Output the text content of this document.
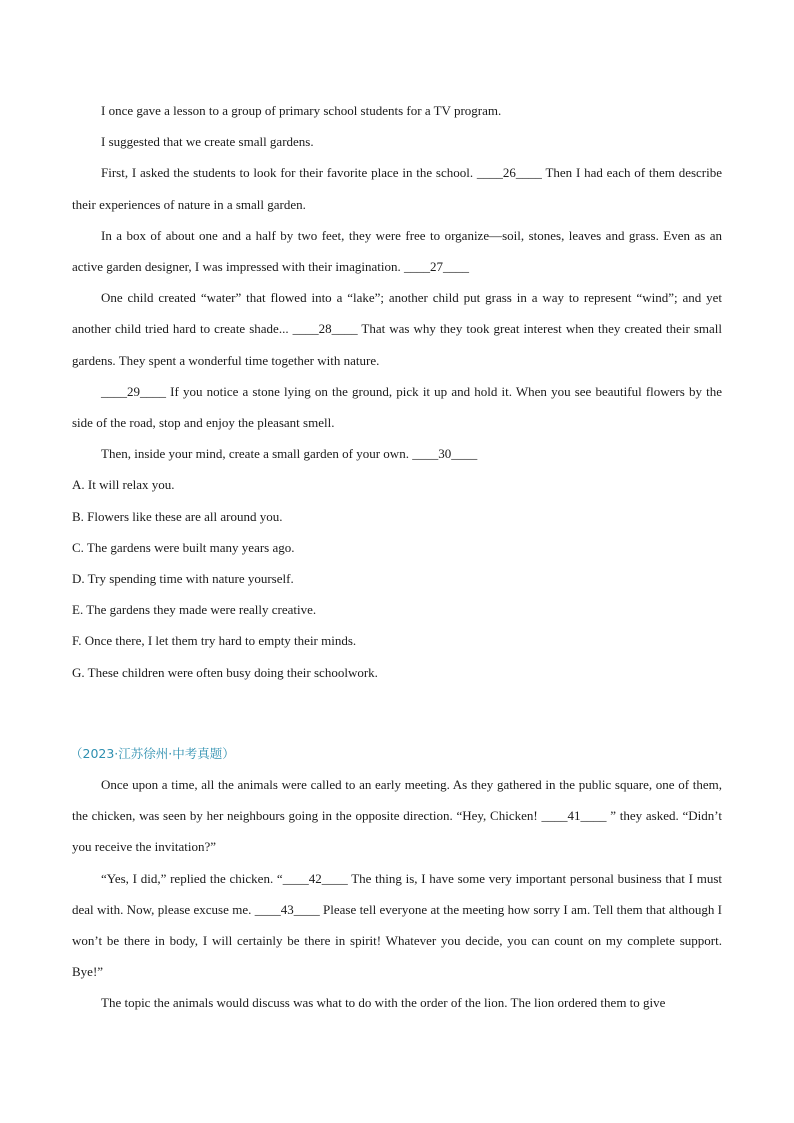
I once gave a lesson to a group of primary school students for a TV program.

I suggested that we create small gardens.

First, I asked the students to look for their favorite place in the school. ____26____ Then I had each of them describe their experiences of nature in a small garden.

In a box of about one and a half by two feet, they were free to organize—soil, stones, leaves and grass. Even as an active garden designer, I was impressed with their imagination. ____27____

One child created “water” that flowed into a “lake”; another child put grass in a way to represent “wind”; and yet another child tried hard to create shade... ____28____ That was why they took great interest when they created their small gardens. They spent a wonderful time together with nature.

____29____ If you notice a stone lying on the ground, pick it up and hold it. When you see beautiful flowers by the side of the road, stop and enjoy the pleasant smell.

Then, inside your mind, create a small garden of your own. ____30____

A. It will relax you.
B. Flowers like these are all around you.
C. The gardens were built many years ago.
D. Try spending time with nature yourself.
E. The gardens they made were really creative.
F. Once there, I let them try hard to empty their minds.
G. These children were often busy doing their schoolwork.

（2023·江苏徐州·中考真题）

Once upon a time, all the animals were called to an early meeting. As they gathered in the public square, one of them, the chicken, was seen by her neighbours going in the opposite direction. “Hey, Chicken! ____41____ ” they asked. “Didn’t you receive the invitation?”

“Yes, I did,” replied the chicken. “____42____ The thing is, I have some very important personal business that I must deal with. Now, please excuse me. ____43____ Please tell everyone at the meeting how sorry I am. Tell them that although I won’t be there in body, I will certainly be there in spirit! Whatever you decide, you can count on my complete support. Bye!”

The topic the animals would discuss was what to do with the order of the lion. The lion ordered them to give
